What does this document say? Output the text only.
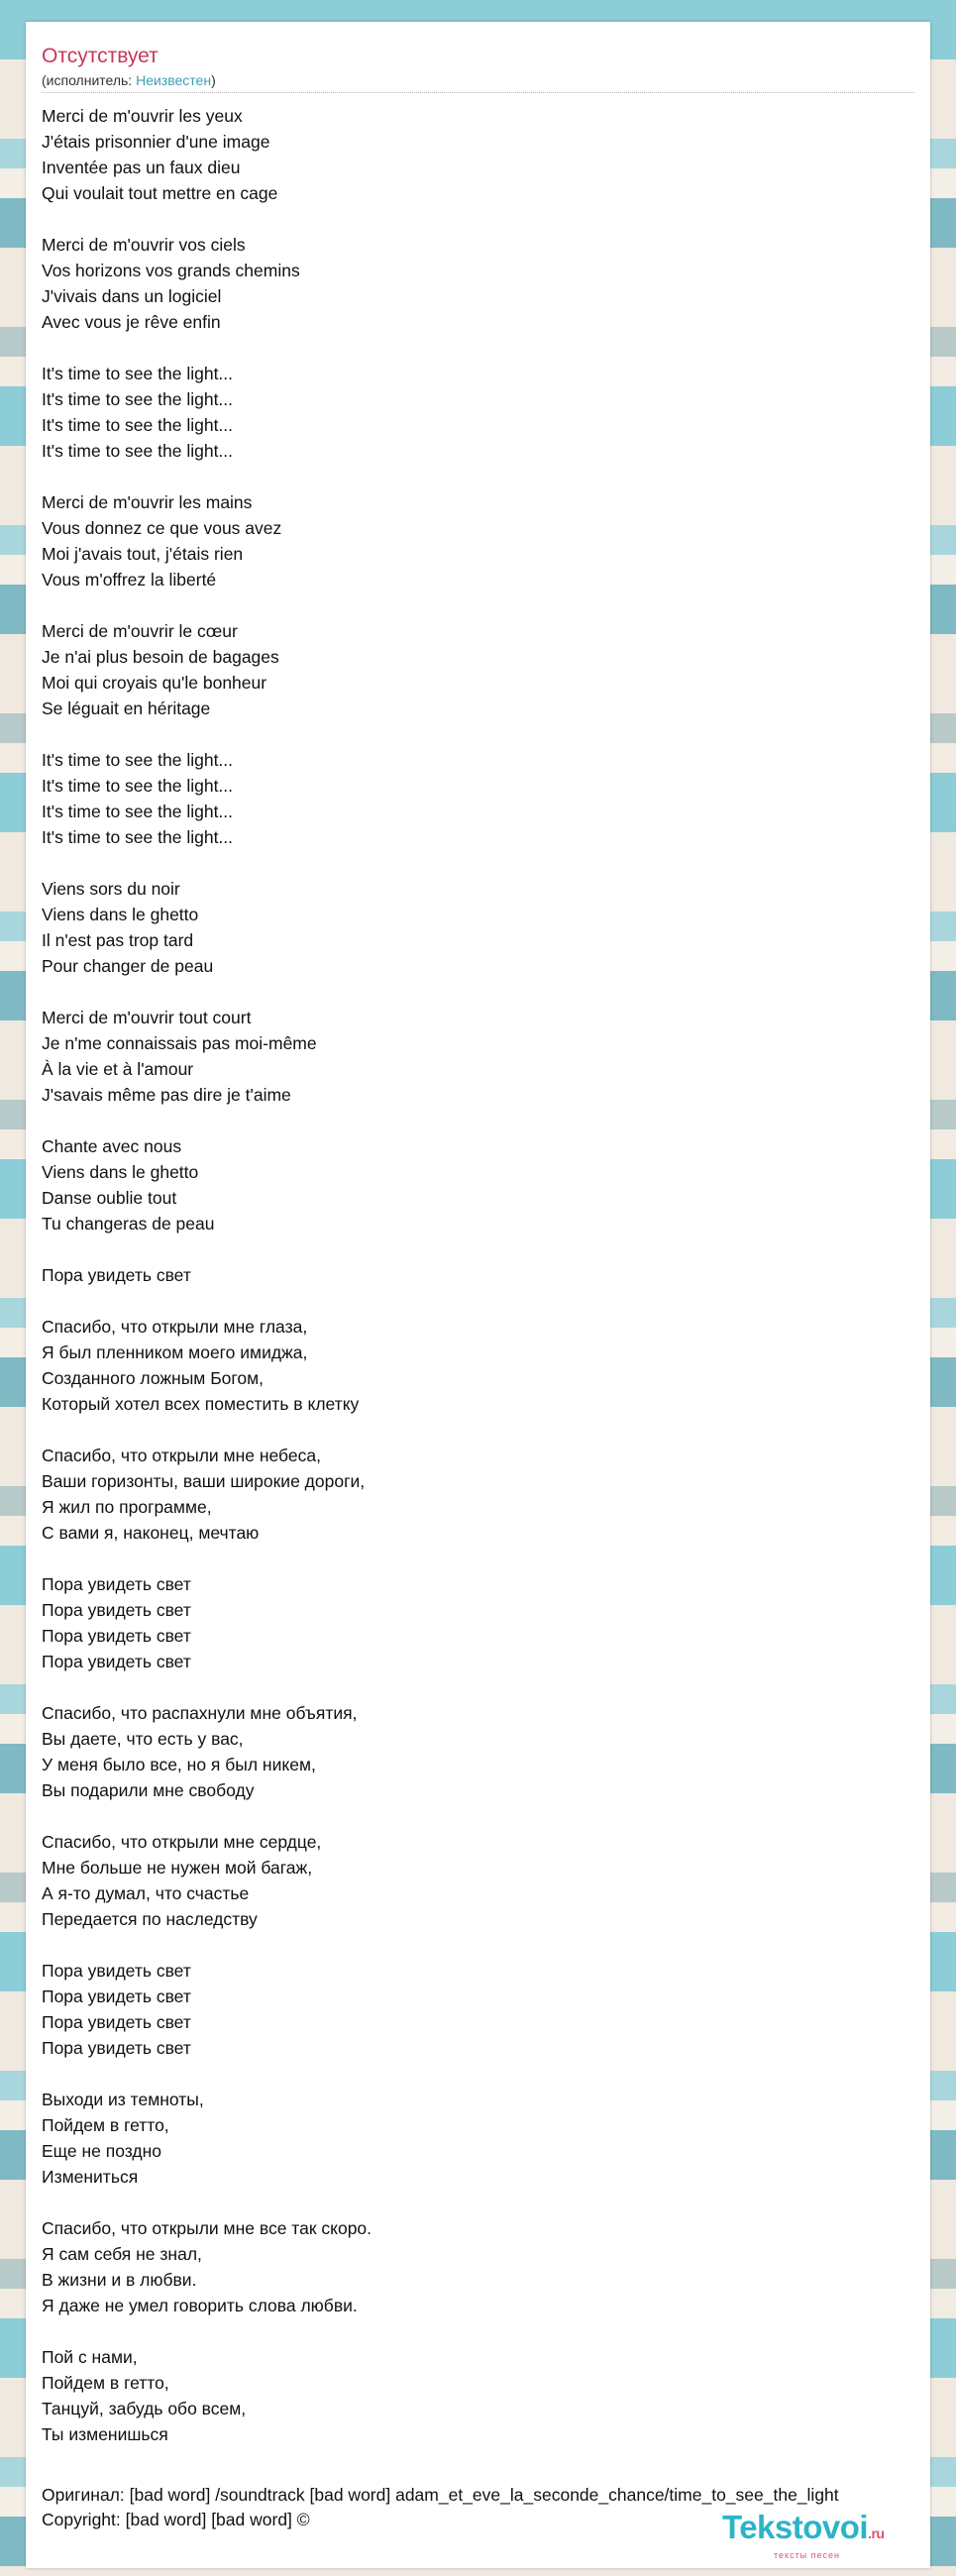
Отсутствует
(исполнитель: Неизвестен)
Merci de m'ouvrir les yeux
J'étais prisonnier d'une image
Inventée pas un faux dieu
Qui voulait tout mettre en cage
Merci de m'ouvrir vos ciels
Vos horizons vos grands chemins
J'vivais dans un logiciel
Avec vous je rêve enfin
It's time to see the light...
It's time to see the light...
It's time to see the light...
It's time to see the light...
Merci de m'ouvrir les mains
Vous donnez ce que vous avez
Moi j'avais tout, j'étais rien
Vous m'offrez la liberté
Merci de m'ouvrir le cœur
Je n'ai plus besoin de bagages
Moi qui croyais qu'le bonheur
Se léguait en héritage
It's time to see the light...
It's time to see the light...
It's time to see the light...
It's time to see the light...
Viens sors du noir
Viens dans le ghetto
Il n'est pas trop tard
Pour changer de peau
Merci de m'ouvrir tout court
Je n'me connaissais pas moi-même
À la vie et à l'amour
J'savais même pas dire je t'aime
Chante avec nous
Viens dans le ghetto
Danse oublie tout
Tu changeras de peau
Пора увидеть свет
Спасибо, что открыли мне глаза,
Я был пленником моего имиджа,
Созданного ложным Богом,
Который хотел всех поместить в клетку
Спасибо, что открыли мне небеса,
Ваши горизонты, ваши широкие дороги,
Я жил по программе,
С вами я, наконец, мечтаю
Пора увидеть свет
Пора увидеть свет
Пора увидеть свет
Пора увидеть свет
Спасибо, что распахнули мне объятия,
Вы даете, что есть у вас,
У меня было все, но я был никем,
Вы подарили мне свободу
Спасибо, что открыли мне сердце,
Мне больше не нужен мой багаж,
А я-то думал, что счастье
Передается по наследству
Пора увидеть свет
Пора увидеть свет
Пора увидеть свет
Пора увидеть свет
Выходи из темноты,
Пойдем в гетто,
Еще не поздно
Измениться
Спасибо, что открыли мне все так скоро.
Я сам себя не знал,
В жизни и в любви.
Я даже не умел говорить слова любви.
Пой с нами,
Пойдем в гетто,
Танцуй, забудь обо всем,
Ты изменишься
Оригинал: [bad word] /soundtrack [bad word] adam_et_eve_la_seconde_chance/time_to_see_the_light
Copyright: [bad word] [bad word] ©	Tekstovoi.ru
тексты песен
